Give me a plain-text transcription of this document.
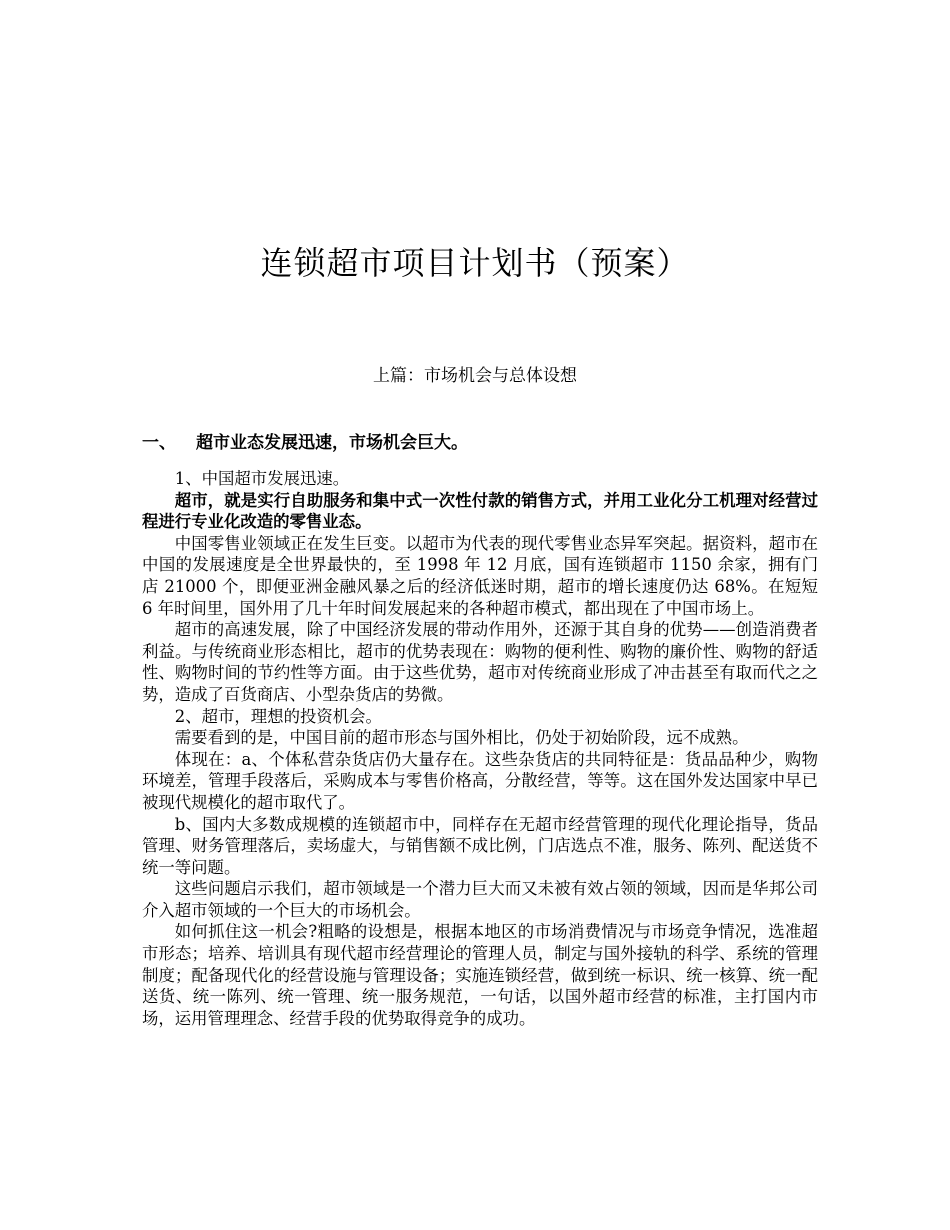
连锁超市项目计划书（预案）
上篇：市场机会与总体设想
一、 超市业态发展迅速，市场机会巨大。

1、中国超市发展迅速。

超市，就是实行自助服务和集中式一次性付款的销售方式，并用工业化分工机理对经营过程进行专业化改造的零售业态。

中国零售业领域正在发生巨变。以超市为代表的现代零售业态异军突起。据资料，超市在中国的发展速度是全世界最快的，至 1998 年 12 月底，国有连锁超市 1150 余家，拥有门店 21000 个，即便亚洲金融风暴之后的经济低迷时期，超市的增长速度仍达 68%。在短短 6 年时间里，国外用了几十年时间发展起来的各种超市模式，都出现在了中国市场上。

超市的高速发展，除了中国经济发展的带动作用外，还源于其自身的优势——创造消费者利益。与传统商业形态相比，超市的优势表现在：购物的便利性、购物的廉价性、购物的舒适性、购物时间的节约性等方面。由于这些优势，超市对传统商业形成了冲击甚至有取而代之之势，造成了百货商店、小型杂货店的势微。

2、超市，理想的投资机会。

需要看到的是，中国目前的超市形态与国外相比，仍处于初始阶段，远不成熟。

体现在：a、个体私营杂货店仍大量存在。这些杂货店的共同特征是：货品品种少，购物环境差，管理手段落后，采购成本与零售价格高，分散经营，等等。这在国外发达国家中早已被现代规模化的超市取代了。

b、国内大多数成规模的连锁超市中，同样存在无超市经营管理的现代化理论指导，货品管理、财务管理落后，卖场虚大，与销售额不成比例，门店选点不准，服务、陈列、配送货不统一等问题。

这些问题启示我们，超市领域是一个潜力巨大而又未被有效占领的领域，因而是华邦公司介入超市领域的一个巨大的市场机会。

如何抓住这一机会?粗略的设想是，根据本地区的市场消费情况与市场竞争情况，选准超市形态；培养、培训具有现代超市经营理论的管理人员，制定与国外接轨的科学、系统的管理制度；配备现代化的经营设施与管理设备；实施连锁经营，做到统一标识、统一核算、统一配送货、统一陈列、统一管理、统一服务规范，一句话，以国外超市经营的标准，主打国内市场，运用管理理念、经营手段的优势取得竞争的成功。
